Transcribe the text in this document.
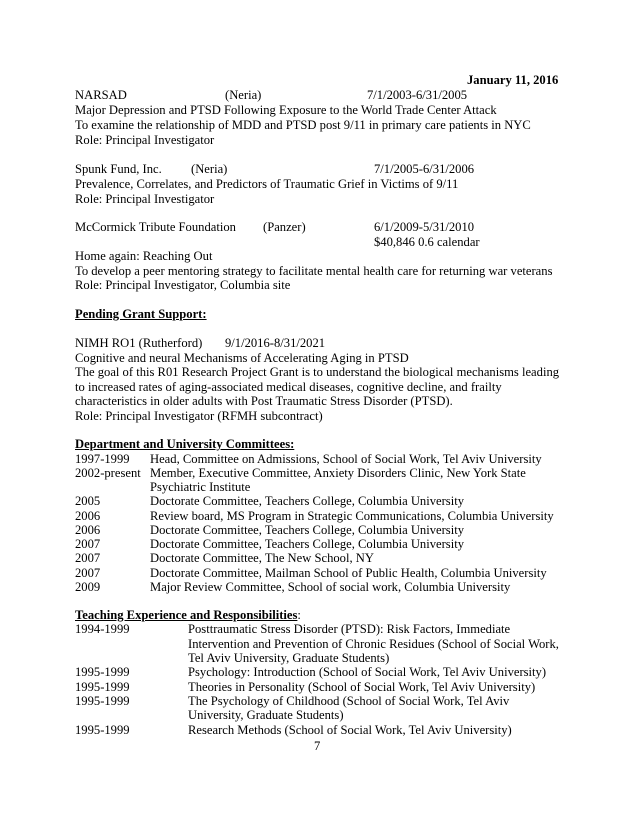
January 11, 2016
NARSAD	(Neria)	7/1/2003-6/31/2005
Major Depression and PTSD Following Exposure to the World Trade Center Attack
To examine the relationship of MDD and PTSD post 9/11 in primary care patients in NYC
Role: Principal Investigator
Spunk Fund, Inc. (Neria)	7/1/2005-6/31/2006
Prevalence, Correlates, and Predictors of Traumatic Grief in Victims of 9/11
Role: Principal Investigator
McCormick Tribute Foundation (Panzer)	6/1/2009-5/31/2010
$40,846 0.6 calendar
Home again: Reaching Out
To develop a peer mentoring strategy to facilitate mental health care for returning war veterans
Role: Principal Investigator, Columbia site
Pending Grant Support:
NIMH RO1 (Rutherford) 9/1/2016-8/31/2021
Cognitive and neural Mechanisms of Accelerating Aging in PTSD
The goal of this R01 Research Project Grant is to understand the biological mechanisms leading
to increased rates of aging-associated medical diseases, cognitive decline, and frailty
characteristics in older adults with Post Traumatic Stress Disorder (PTSD).
Role: Principal Investigator (RFMH subcontract)
Department and University Committees:
1997-1999 Head, Committee on Admissions, School of Social Work, Tel Aviv University
2002-present Member, Executive Committee, Anxiety Disorders Clinic, New York State
Psychiatric Institute
2005	Doctorate Committee, Teachers College, Columbia University
2006	Review board, MS Program in Strategic Communications, Columbia University
2006	Doctorate Committee, Teachers College, Columbia University
2007	Doctorate Committee, Teachers College, Columbia University
2007	Doctorate Committee, The New School, NY
2007	Doctorate Committee, Mailman School of Public Health, Columbia University
2009	Major Review Committee, School of social work, Columbia University
Teaching Experience and Responsibilities:
1994-1999	Posttraumatic Stress Disorder (PTSD): Risk Factors, Immediate
Intervention and Prevention of Chronic Residues (School of Social Work,
Tel Aviv University, Graduate Students)
1995-1999	Psychology: Introduction (School of Social Work, Tel Aviv University)
1995-1999	Theories in Personality (School of Social Work, Tel Aviv University)
1995-1999	The Psychology of Childhood (School of Social Work, Tel Aviv
University, Graduate Students)
1995-1999	Research Methods (School of Social Work, Tel Aviv University)
7
